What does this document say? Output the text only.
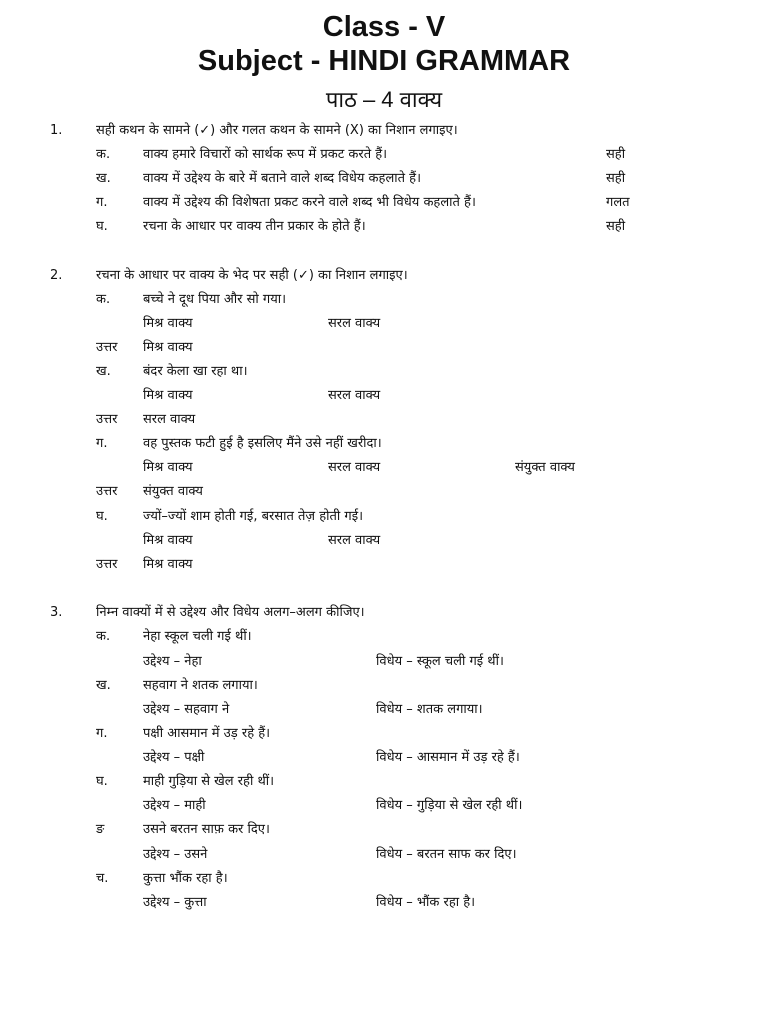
Class - V
Subject - HINDI GRAMMAR
पाठ – 4 वाक्य
1.	सही कथन के सामने (✓) और गलत कथन के सामने (X) का निशान लगाइए।
क.	वाक्य हमारे विचारों को सार्थक रूप में प्रकट करते हैं।	सही
ख. वाक्य में उद्देश्य के बारे में बताने वाले शब्द विधेय कहलाते हैं।	सही
ग.	वाक्य में उद्देश्य की विशेषता प्रकट करने वाले शब्द भी विधेय कहलाते हैं।	गलत
घ.	रचना के आधार पर वाक्य तीन प्रकार के होते हैं।	सही
2.	रचना के आधार पर वाक्य के भेद पर सही (✓) का निशान लगाइए।
क.	बच्चे ने दूध पिया और सो गया।
मिश्र वाक्य	सरल वाक्य
उत्तर मिश्र वाक्य
ख. बंदर केला खा रहा था।
मिश्र वाक्य	सरल वाक्य
उत्तर सरल वाक्य
ग.	वह पुस्तक फटी हुई है इसलिए मैंने उसे नहीं खरीदा।
मिश्र वाक्य	सरल वाक्य	संयुक्त वाक्य
उत्तर संयुक्त वाक्य
घ.	ज्यों–ज्यों शाम होती गई, बरसात तेज़ होती गई।
मिश्र वाक्य	सरल वाक्य
उत्तर मिश्र वाक्य
3.	निम्न वाक्यों में से उद्देश्य और विधेय अलग–अलग कीजिए।
क.	नेहा स्कूल चली गई थीं।
उद्देश्य – नेहा	विधेय – स्कूल चली गई थीं।
ख. सहवाग ने शतक लगाया।
उद्देश्य – सहवाग ने	विधेय – शतक लगाया।
ग.	पक्षी आसमान में उड़ रहे हैं।
उद्देश्य – पक्षी	विधेय – आसमान में उड़ रहे हैं।
घ.	माही गुड़िया से खेल रही थीं।
उद्देश्य – माही	विधेय – गुड़िया से खेल रही थीं।
ङ	उसने बरतन साफ़ कर दिए।
उद्देश्य – उसने	विधेय – बरतन साफ कर दिए।
च.	कुत्ता भौंक रहा है।
उद्देश्य – कुत्ता	विधेय – भौंक रहा है।
